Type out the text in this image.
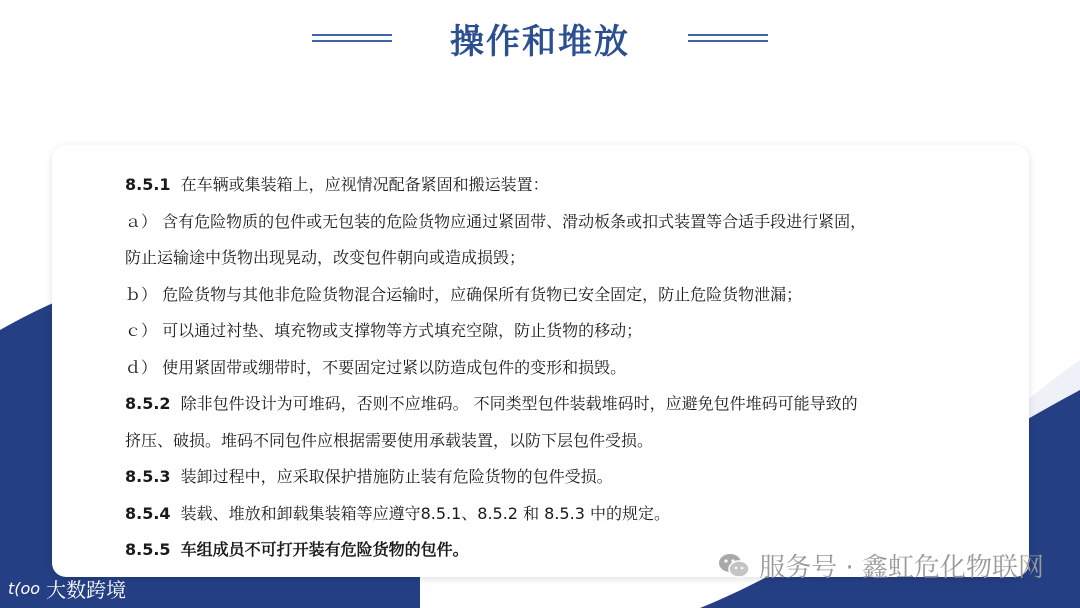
操作和堆放
8.5.1 在车辆或集装箱上，应视情况配备紧固和搬运装置：
ａ） 含有危险物质的包件或无包装的危险货物应通过紧固带、滑动板条或扣式装置等合适手段进行紧固，
防止运输途中货物出现晃动，改变包件朝向或造成损毁；
ｂ） 危险货物与其他非危险货物混合运输时，应确保所有货物已安全固定，防止危险货物泄漏；
ｃ） 可以通过衬垫、填充物或支撑物等方式填充空隙，防止货物的移动；
ｄ） 使用紧固带或绷带时，不要固定过紧以防造成包件的变形和损毁。
8.5.2 除非包件设计为可堆码，否则不应堆码。 不同类型包件装载堆码时，应避免包件堆码可能导致的
挤压、破损。堆码不同包件应根据需要使用承载装置，以防下层包件受损。
8.5.3 装卸过程中，应采取保护措施防止装有危险货物的包件受损。
8.5.4 装载、堆放和卸载集装箱等应遵守8.5.1、8.5.2 和 8.5.3 中的规定。
8.5.5 车组成员不可打开装有危险货物的包件。
服务号 · 鑫虹危化物联网
t(oo 大数跨境
